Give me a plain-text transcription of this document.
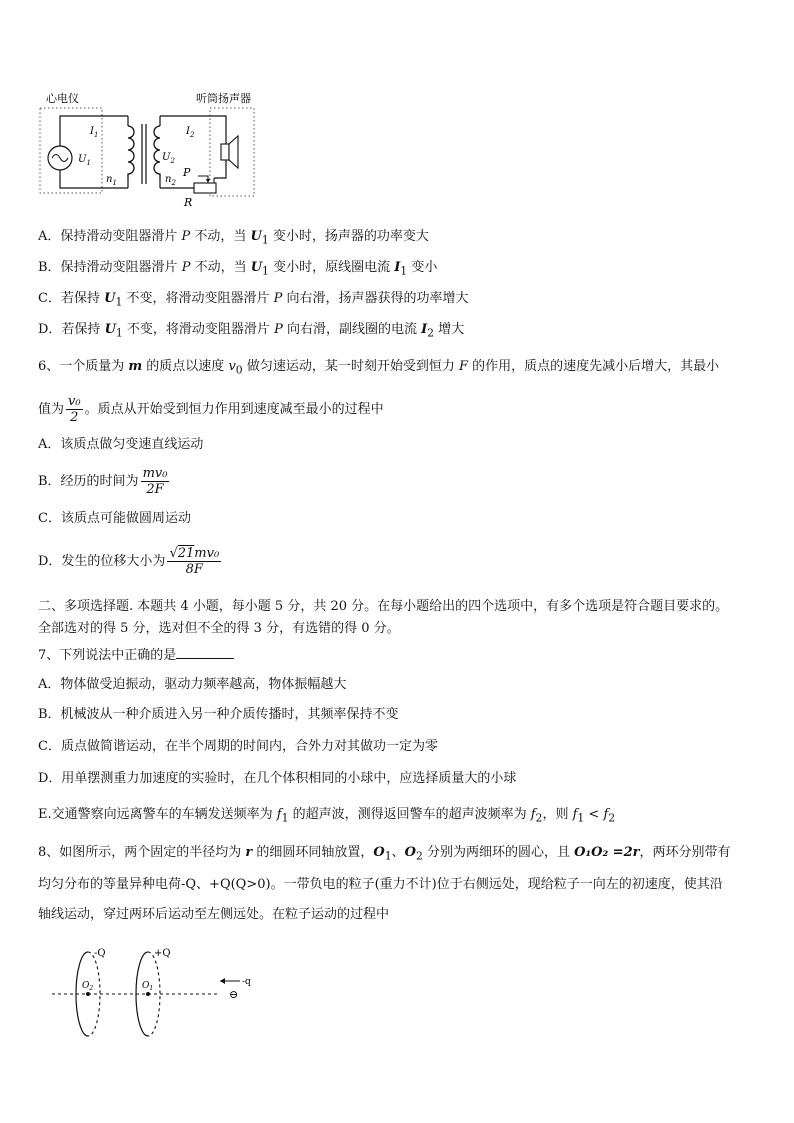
心电仪	听筒扬声器
$I_1$
$U_1$
$n_1$	$n_2$
$U_2$
$I_2$
P
R
A．保持滑动变阻器滑片 P 不动，当 $U_1$ 变小时，扬声器的功率变大
B．保持滑动变阻器滑片 P 不动，当 $U_1$ 变小时，原线圈电流 $I_1$ 变小
C．若保持 $U_1$ 不变，将滑动变阻器滑片 P 向右滑，扬声器获得的功率增大
D．若保持 $U_1$ 不变，将滑动变阻器滑片 P 向右滑，副线圈的电流 $I_2$ 增大
6、一个质量为 m 的质点以速度 $v_0$ 做匀速运动，某一时刻开始受到恒力 F 的作用，质点的速度先减小后增大，其最小
值为 $\frac{\text{v₀}}{2}$ 。质点从开始受到恒力作用到速度减至最小的过程中
A．该质点做匀变速直线运动
B．经历的时间为 $\frac{\text{mv₀}}{2F}$
C．该质点可能做圆周运动
D．发生的位移大小为 $\frac{\text{√21mv₀}}{8F}$
二、多项选择题. 本题共 4 小题，每小题 5 分，共 20 分。在每小题给出的四个选项中，有多个选项是符合题目要求的。
全部选对的得 5 分，选对但不全的得 3 分，有选错的得 0 分。
7、下列说法中正确的是
A．物体做受迫振动，驱动力频率越高，物体振幅越大
B．机械波从一种介质进入另一种介质传播时，其频率保持不变
C．质点做简谐运动，在半个周期的时间内，合外力对其做功一定为零
D．用单摆测重力加速度的实验时，在几个体积相同的小球中，应选择质量大的小球
E.交通警察向远离警车的车辆发送频率为 $f_1$ 的超声波，测得返回警车的超声波频率为 $f_2$，则 $f_1 < f_2$
8、如图所示，两个固定的半径均为 r 的细圆环同轴放置，$O_1$、$O_2$ 分别为两细环的圆心，且 O₁O₂ =2r，两环分别带有
均匀分布的等量异种电荷-Q、+Q(Q>0)。一带负电的粒子(重力不计)位于右侧远处，现给粒子一向左的初速度，使其沿
轴线运动，穿过两环后运动至左侧远处。在粒子运动的过程中
-Q	+Q
$O_2$	$O_1$
-q
⊖
